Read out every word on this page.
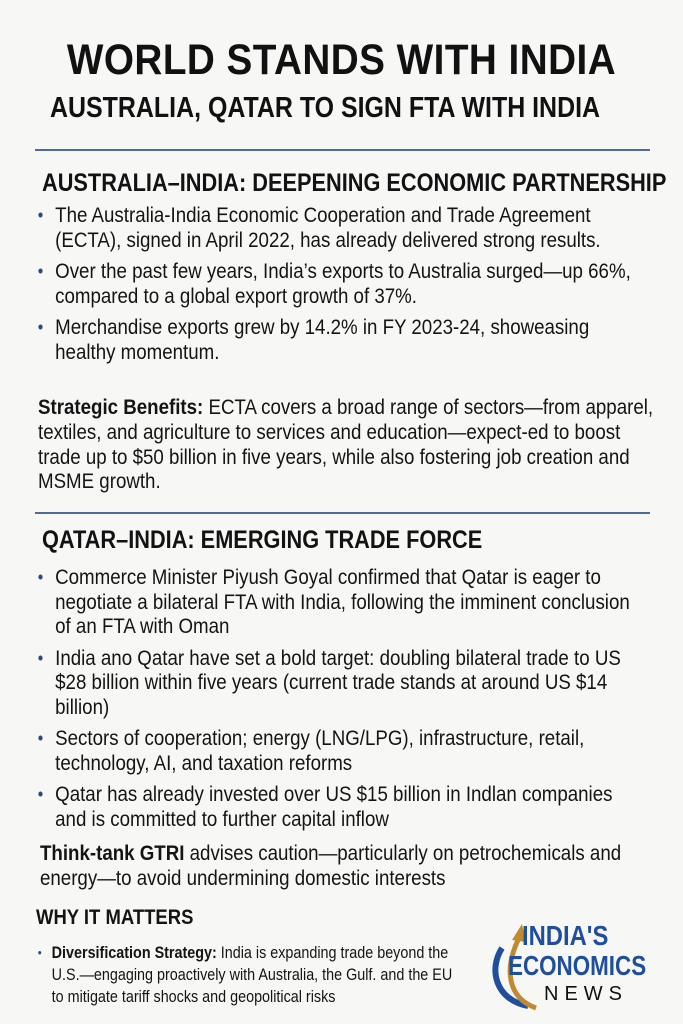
WORLD STANDS WITH INDIA
AUSTRALIA, QATAR TO SIGN FTA WITH INDIA
AUSTRALIA–INDIA: DEEPENING ECONOMIC PARTNERSHIP
• The Australia-India Economic Cooperation and Trade Agreement (ECTA), signed in April 2022, has already delivered strong results.
• Over the past few years, India’s exports to Australia surged—up 66%, compared to a global export growth of 37%.
• Merchandise exports grew by 14.2% in FY 2023-24, showeasing healthy momentum.

Strategic Benefits: ECTA covers a broad range of sectors—from apparel, textiles, and agriculture to services and education—expect-ed to boost trade up to $50 billion in five years, while also fostering job creation and MSME growth.

QATAR–INDIA: EMERGING TRADE FORCE
• Commerce Minister Piyush Goyal confirmed that Qatar is eager to negotiate a bilateral FTA with India, following the imminent conclusion of an FTA with Oman
• India ano Qatar have set a bold target: doubling bilateral trade to US $28 billion within five years (current trade stands at around US $14 billion)
• Sectors of cooperation; energy (LNG/LPG), infrastructure, retail, technology, AI, and taxation reforms
• Qatar has already invested over US $15 billion in Indlan companies and is committed to further capital inflow

Think-tank GTRI advises caution—particularly on petrochemicals and energy—to avoid undermining domestic interests

WHY IT MATTERS
• Diversification Strategy: India is expanding trade beyond the U.S.—engaging proactively with Australia, the Gulf. and the EU to mitigate tariff shocks and geopolitical risks
INDIA'S
ECONOMICS
NEWS
